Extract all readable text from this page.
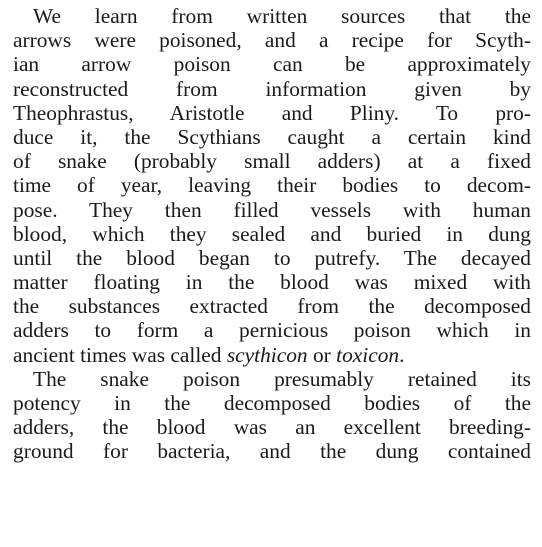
We learn from written sources that the
arrows were poisoned, and a recipe for Scyth-
ian arrow poison can be approximately
reconstructed from information given by
Theophrastus, Aristotle and Pliny. To pro-
duce it, the Scythians caught a certain kind
of snake (probably small adders) at a fixed
time of year, leaving their bodies to decom-
pose. They then filled vessels with human
blood, which they sealed and buried in dung
until the blood began to putrefy. The decayed
matter floating in the blood was mixed with
the substances extracted from the decomposed
adders to form a pernicious poison which in
ancient times was called scythicon or toxicon.
The snake poison presumably retained its
potency in the decomposed bodies of the
adders, the blood was an excellent breeding-
ground for bacteria, and the dung contained
